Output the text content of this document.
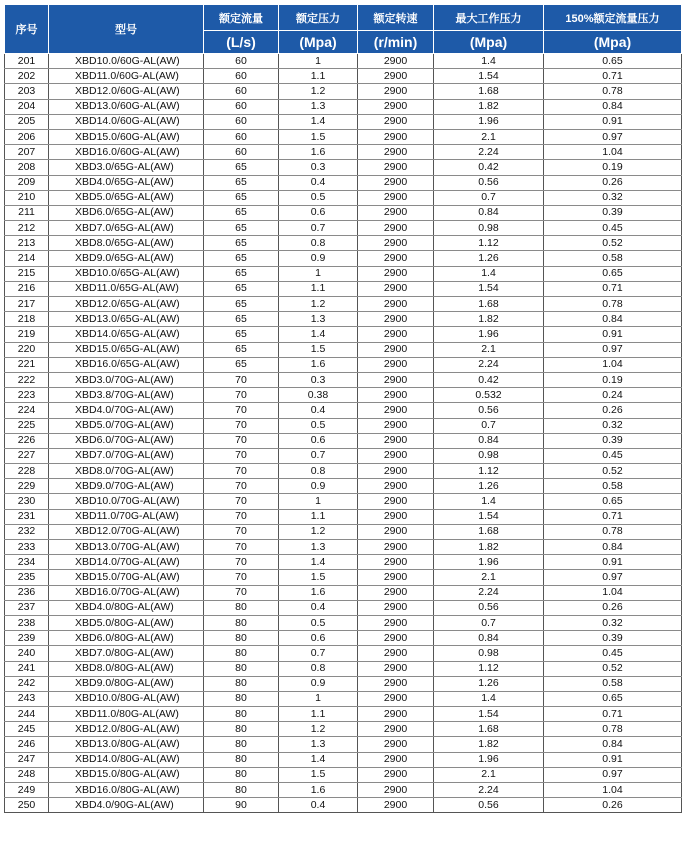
序号	型号	额定流量	额定压力	额定转速	最大工作压力	150%额定流量压力
		(L/s)	(Mpa)	(r/min)	(Mpa)	(Mpa)
201	XBD10.0/60G-AL(AW)	60	1	2900	1.4	0.65
202	XBD11.0/60G-AL(AW)	60	1.1	2900	1.54	0.71
203	XBD12.0/60G-AL(AW)	60	1.2	2900	1.68	0.78
204	XBD13.0/60G-AL(AW)	60	1.3	2900	1.82	0.84
205	XBD14.0/60G-AL(AW)	60	1.4	2900	1.96	0.91
206	XBD15.0/60G-AL(AW)	60	1.5	2900	2.1	0.97
207	XBD16.0/60G-AL(AW)	60	1.6	2900	2.24	1.04
208	XBD3.0/65G-AL(AW)	65	0.3	2900	0.42	0.19
209	XBD4.0/65G-AL(AW)	65	0.4	2900	0.56	0.26
210	XBD5.0/65G-AL(AW)	65	0.5	2900	0.7	0.32
211	XBD6.0/65G-AL(AW)	65	0.6	2900	0.84	0.39
212	XBD7.0/65G-AL(AW)	65	0.7	2900	0.98	0.45
213	XBD8.0/65G-AL(AW)	65	0.8	2900	1.12	0.52
214	XBD9.0/65G-AL(AW)	65	0.9	2900	1.26	0.58
215	XBD10.0/65G-AL(AW)	65	1	2900	1.4	0.65
216	XBD11.0/65G-AL(AW)	65	1.1	2900	1.54	0.71
217	XBD12.0/65G-AL(AW)	65	1.2	2900	1.68	0.78
218	XBD13.0/65G-AL(AW)	65	1.3	2900	1.82	0.84
219	XBD14.0/65G-AL(AW)	65	1.4	2900	1.96	0.91
220	XBD15.0/65G-AL(AW)	65	1.5	2900	2.1	0.97
221	XBD16.0/65G-AL(AW)	65	1.6	2900	2.24	1.04
222	XBD3.0/70G-AL(AW)	70	0.3	2900	0.42	0.19
223	XBD3.8/70G-AL(AW)	70	0.38	2900	0.532	0.24
224	XBD4.0/70G-AL(AW)	70	0.4	2900	0.56	0.26
225	XBD5.0/70G-AL(AW)	70	0.5	2900	0.7	0.32
226	XBD6.0/70G-AL(AW)	70	0.6	2900	0.84	0.39
227	XBD7.0/70G-AL(AW)	70	0.7	2900	0.98	0.45
228	XBD8.0/70G-AL(AW)	70	0.8	2900	1.12	0.52
229	XBD9.0/70G-AL(AW)	70	0.9	2900	1.26	0.58
230	XBD10.0/70G-AL(AW)	70	1	2900	1.4	0.65
231	XBD11.0/70G-AL(AW)	70	1.1	2900	1.54	0.71
232	XBD12.0/70G-AL(AW)	70	1.2	2900	1.68	0.78
233	XBD13.0/70G-AL(AW)	70	1.3	2900	1.82	0.84
234	XBD14.0/70G-AL(AW)	70	1.4	2900	1.96	0.91
235	XBD15.0/70G-AL(AW)	70	1.5	2900	2.1	0.97
236	XBD16.0/70G-AL(AW)	70	1.6	2900	2.24	1.04
237	XBD4.0/80G-AL(AW)	80	0.4	2900	0.56	0.26
238	XBD5.0/80G-AL(AW)	80	0.5	2900	0.7	0.32
239	XBD6.0/80G-AL(AW)	80	0.6	2900	0.84	0.39
240	XBD7.0/80G-AL(AW)	80	0.7	2900	0.98	0.45
241	XBD8.0/80G-AL(AW)	80	0.8	2900	1.12	0.52
242	XBD9.0/80G-AL(AW)	80	0.9	2900	1.26	0.58
243	XBD10.0/80G-AL(AW)	80	1	2900	1.4	0.65
244	XBD11.0/80G-AL(AW)	80	1.1	2900	1.54	0.71
245	XBD12.0/80G-AL(AW)	80	1.2	2900	1.68	0.78
246	XBD13.0/80G-AL(AW)	80	1.3	2900	1.82	0.84
247	XBD14.0/80G-AL(AW)	80	1.4	2900	1.96	0.91
248	XBD15.0/80G-AL(AW)	80	1.5	2900	2.1	0.97
249	XBD16.0/80G-AL(AW)	80	1.6	2900	2.24	1.04
250	XBD4.0/90G-AL(AW)	90	0.4	2900	0.56	0.26
